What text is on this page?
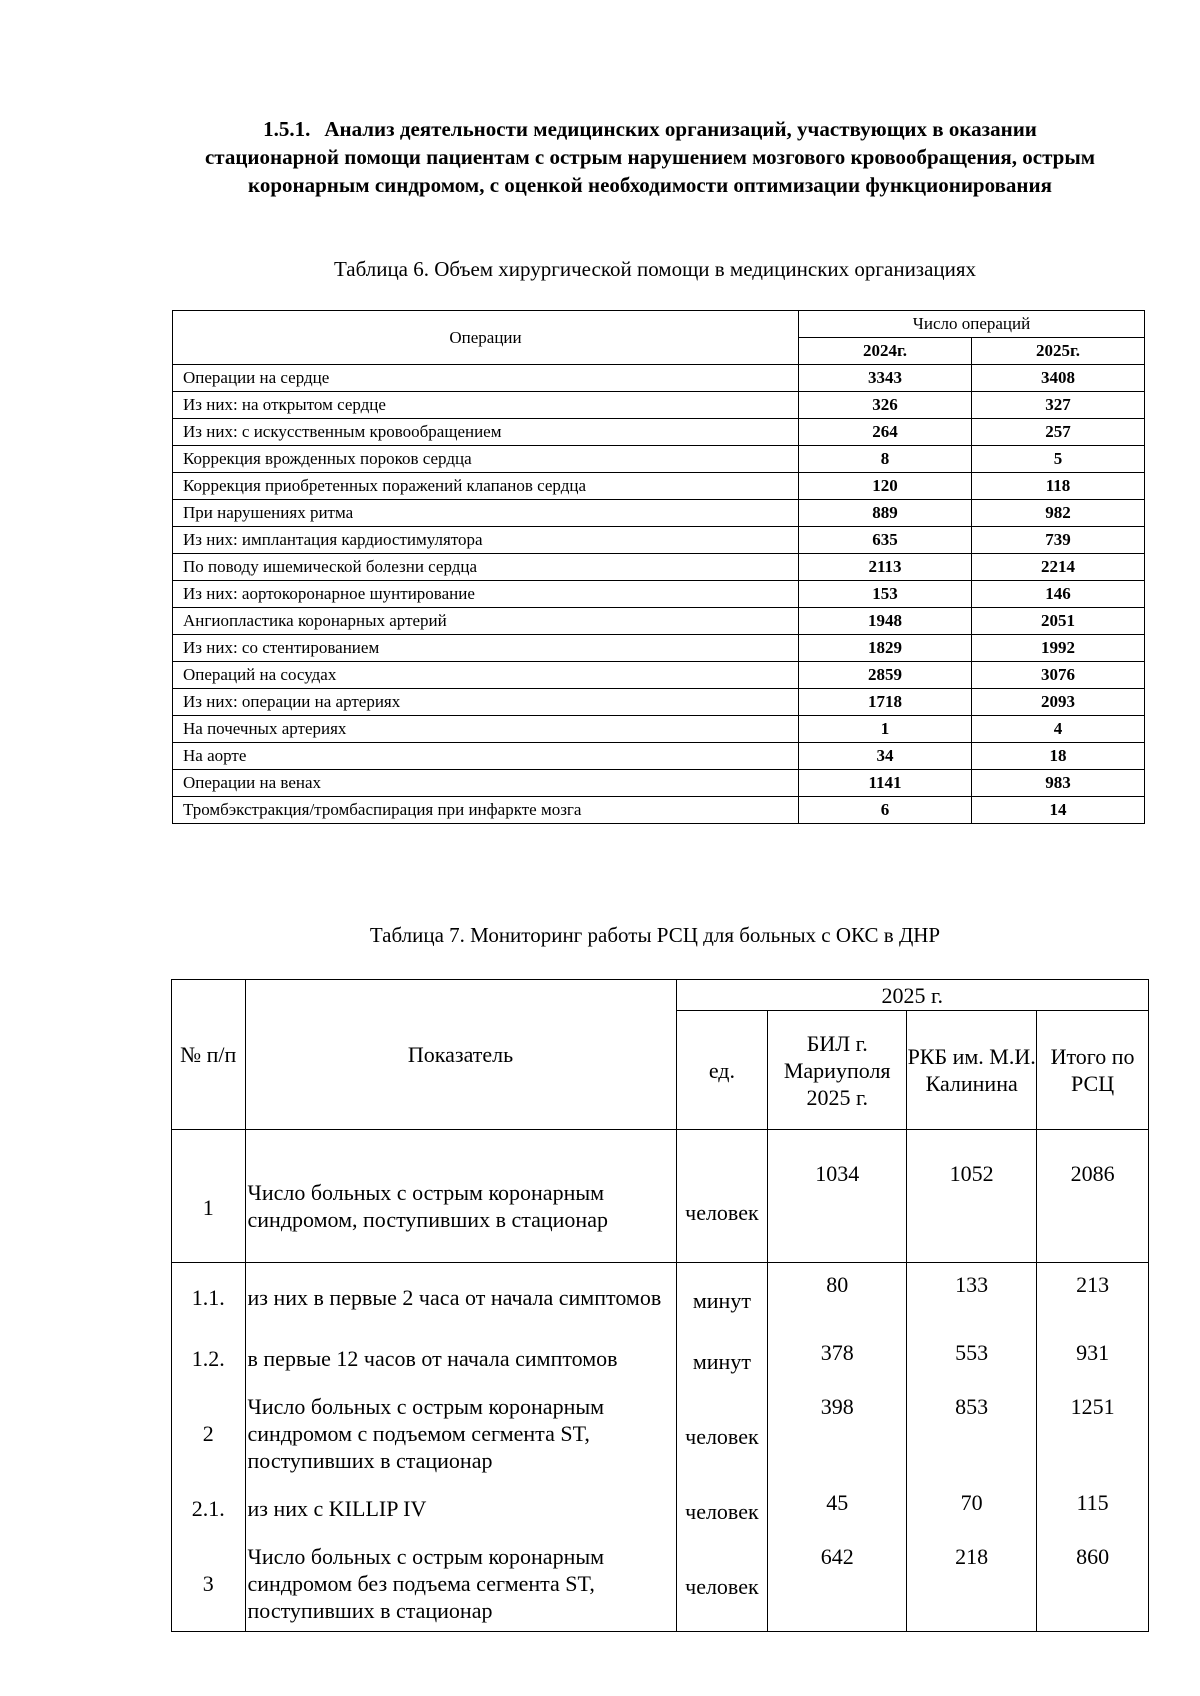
1.5.1. Анализ деятельности медицинских организаций, участвующих в оказании стационарной помощи пациентам с острым нарушением мозгового кровообращения, острым коронарным синдромом, с оценкой необходимости оптимизации функционирования
Таблица 6. Объем хирургической помощи в медицинских организациях
Операции	Число операций	
	2024г.	2025г.
Операции на сердце	3343	3408
Из них: на открытом сердце	326	327
Из них: с искусственным кровообращением	264	257
Коррекция врожденных пороков сердца	8	5
Коррекция приобретенных поражений клапанов сердца	120	118
При нарушениях ритма	889	982
Из них: имплантация кардиостимулятора	635	739
По поводу ишемической болезни сердца	2113	2214
Из них: аортокоронарное шунтирование	153	146
Ангиопластика коронарных артерий	1948	2051
Из них: со стентированием	1829	1992
Операций на сосудах	2859	3076
Из них: операции на артериях	1718	2093
На почечных артериях	1	4
На аорте	34	18
Операции на венах	1141	983
Тромбэкстракция/тромбаспирация при инфаркте мозга	6	14
Таблица 7. Мониторинг работы РСЦ для больных с ОКС в ДНР
№ п/п	Показатель	2025 г.			
		ед.	БИЛ г. Мариуполя 2025 г.	РКБ им. М.И. Калинина	Итого по РСЦ
1	Число больных с острым коронарным синдромом, поступивших в стационар	человек	1034	1052	2086
1.1.	из них в первые 2 часа от начала симптомов	минут	80	133	213
1.2.	в первые 12 часов от начала симптомов	минут	378	553	931
2	Число больных с острым коронарным синдромом с подъемом сегмента ST, поступивших в стационар	человек	398	853	1251
2.1.	из них с KILLIP IV	человек	45	70	115
3	Число больных с острым коронарным синдромом без подъема сегмента ST, поступивших в стационар	человек	642	218	860
